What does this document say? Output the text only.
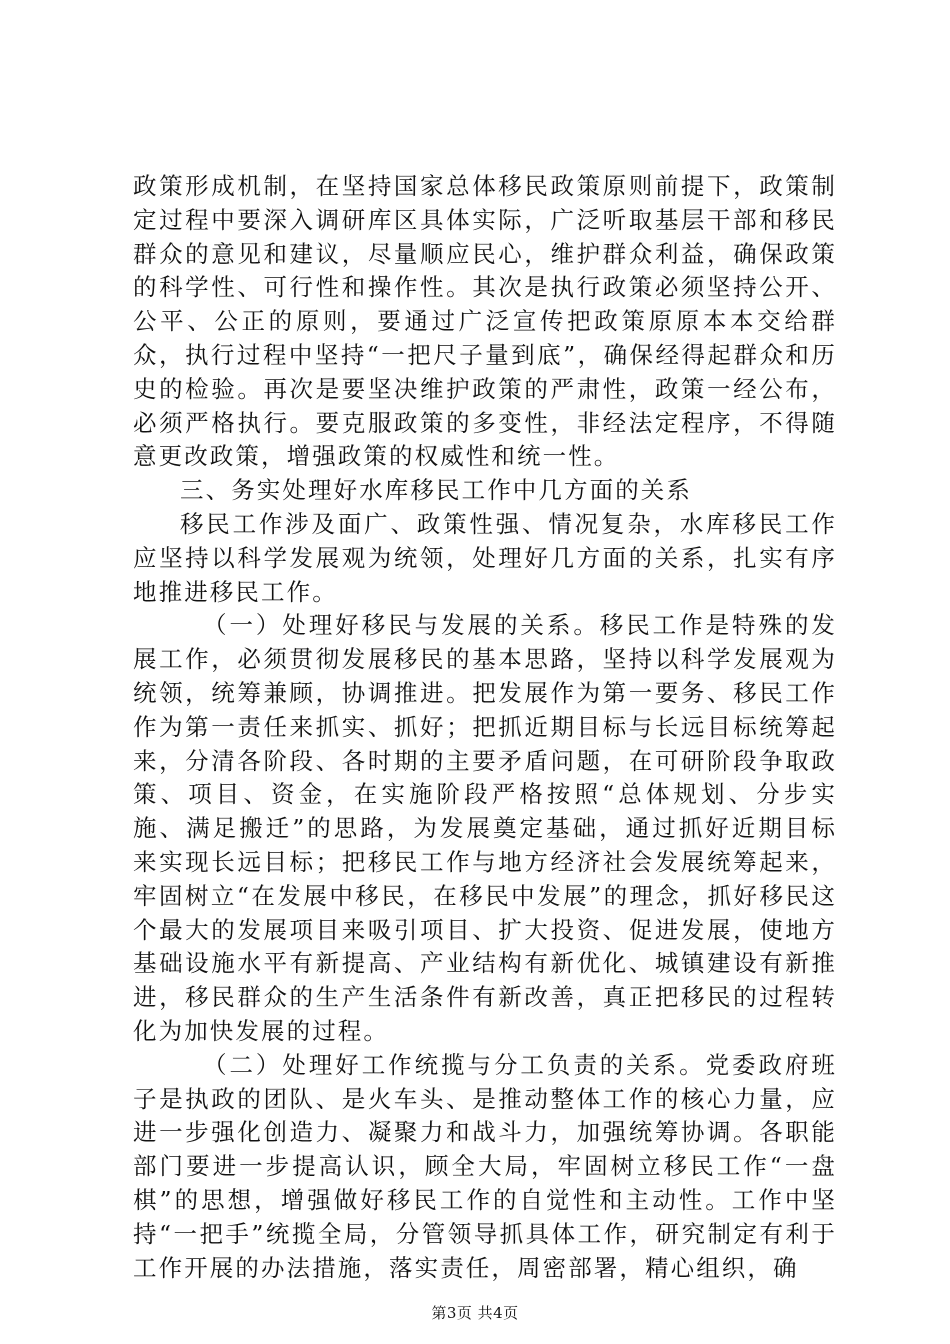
政策形成机制，在坚持国家总体移民政策原则前提下，政策制定过程中要深入调研库区具体实际，广泛听取基层干部和移民群众的意见和建议，尽量顺应民心，维护群众利益，确保政策的科学性、可行性和操作性。其次是执行政策必须坚持公开、公平、公正的原则，要通过广泛宣传把政策原原本本交给群众，执行过程中坚持“一把尺子量到底”，确保经得起群众和历史的检验。再次是要坚决维护政策的严肃性，政策一经公布，必须严格执行。要克服政策的多变性，非经法定程序，不得随意更改政策，增强政策的权威性和统一性。

三、务实处理好水库移民工作中几方面的关系

移民工作涉及面广、政策性强、情况复杂，水库移民工作应坚持以科学发展观为统领，处理好几方面的关系，扎实有序地推进移民工作。

（一）处理好移民与发展的关系。移民工作是特殊的发展工作，必须贯彻发展移民的基本思路，坚持以科学发展观为统领，统筹兼顾，协调推进。把发展作为第一要务、移民工作作为第一责任来抓实、抓好；把抓近期目标与长远目标统筹起来，分清各阶段、各时期的主要矛盾问题，在可研阶段争取政策、项目、资金，在实施阶段严格按照“总体规划、分步实施、满足搬迁”的思路，为发展奠定基础，通过抓好近期目标来实现长远目标；把移民工作与地方经济社会发展统筹起来，牢固树立“在发展中移民，在移民中发展”的理念，抓好移民这个最大的发展项目来吸引项目、扩大投资、促进发展，使地方基础设施水平有新提高、产业结构有新优化、城镇建设有新推进，移民群众的生产生活条件有新改善，真正把移民的过程转化为加快发展的过程。

（二）处理好工作统揽与分工负责的关系。党委政府班子是执政的团队、是火车头、是推动整体工作的核心力量，应进一步强化创造力、凝聚力和战斗力，加强统筹协调。各职能部门要进一步提高认识，顾全大局，牢固树立移民工作“一盘棋”的思想，增强做好移民工作的自觉性和主动性。工作中坚持“一把手”统揽全局，分管领导抓具体工作，研究制定有利于工作开展的办法措施，落实责任，周密部署，精心组织，确

第3页 共4页
